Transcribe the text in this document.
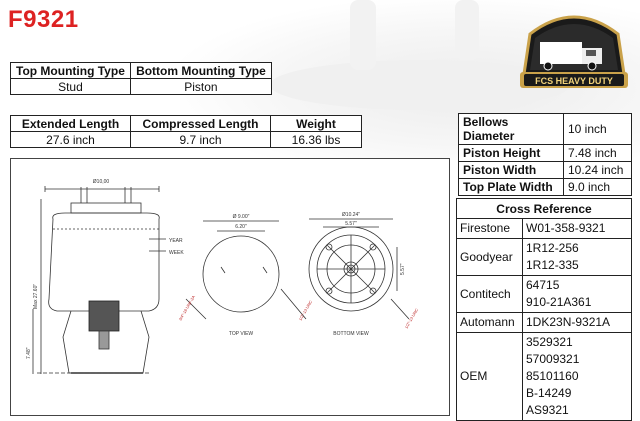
F9321
FCS HEAVY DUTY
Top Mounting Type	Bottom Mounting Type
Stud	Piston
Extended Length	Compressed Length	Weight
27.6 inch	9.7 inch	16.36 lbs
Bellows Diameter	10 inch
Piston Height	7.48 inch
Piston Width	10.24 inch
Top Plate Width	9.0 inch
Cross Reference	
Firestone	W01-358-9321
Goodyear	1R12-256
1R12-335

Contitech	64715
910-21A361

Automann	1DK23N-9321A
OEM	3529321 57009321
85101160
B-14249
AS9321
Ø10,00
YEAR
WEEK
Max 27.60"
7.48"
Ø 9.00"
6.20"
TOP VIEW
3/4"-16 UNF-2A	1/2"-13 UNC
Ø10.24"
5.57"
5.57"
BOTTOM VIEW
1/2"-13 UNC
